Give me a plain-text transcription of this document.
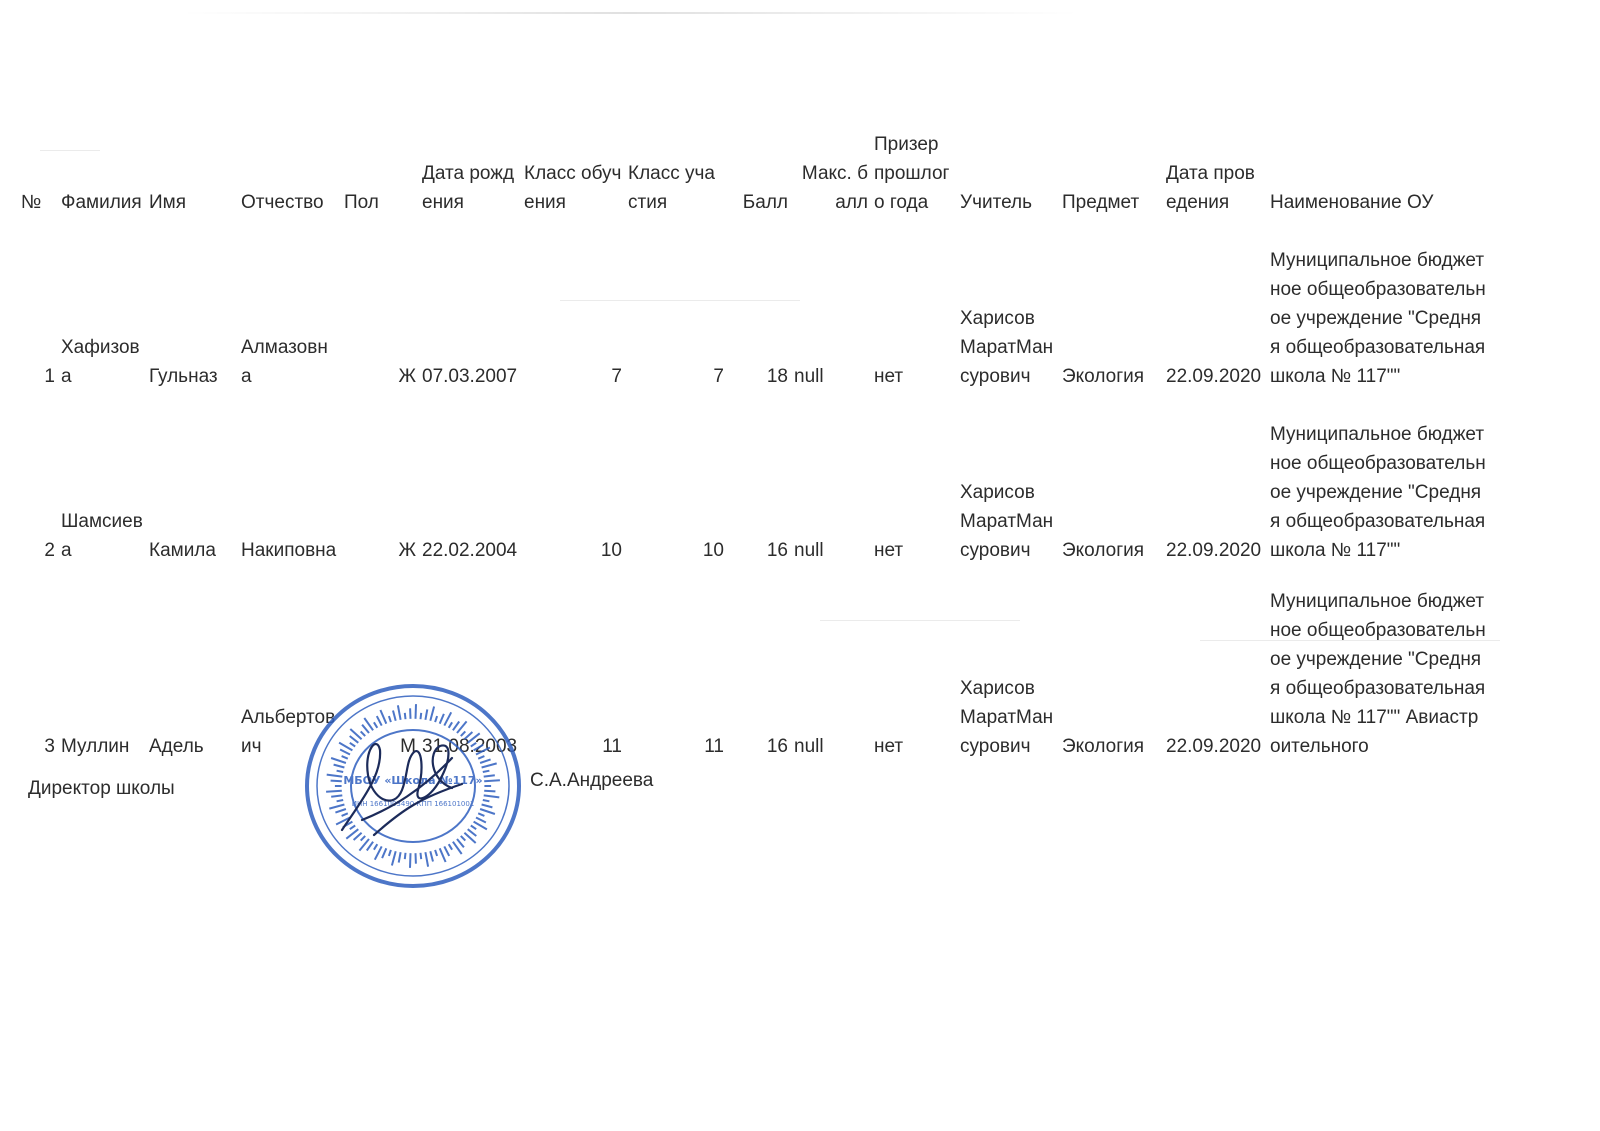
№	Фамилия	Имя	Отчество	Пол	Дата рождения	Класс обучения	Класс участия	Балл	Макс. балл	Призер прошлого года	Учитель	Предмет	Дата проведения	Наименование ОУ
1	Хафизова	Гульназ	Алмазовна	Ж	07.03.2007	7	7	18	null	нет	Харисов МаратМансурович	Экология	22.09.2020	Муниципальное бюджетное общеобразовательное учреждение "Средняя общеобразовательная школа № 117""
2	Шамсиева	Камила	Накиповна	Ж	22.02.2004	10	10	16	null	нет	Харисов МаратМансурович	Экология	22.09.2020	Муниципальное бюджетное общеобразовательное учреждение "Средняя общеобразовательная школа № 117""
3	Муллин	Адель	Альбертович	М	31.08.2003	11	11	16	null	нет	Харисов МаратМансурович	Экология	22.09.2020	Муниципальное бюджетное общеобразовательное учреждение "Средняя общеобразовательная школа № 117"" Авиастроительного
Директор школы	С.А.Андреева
МБОУ «Школа №117»
ИНН 1661003490 КПП 166101001
